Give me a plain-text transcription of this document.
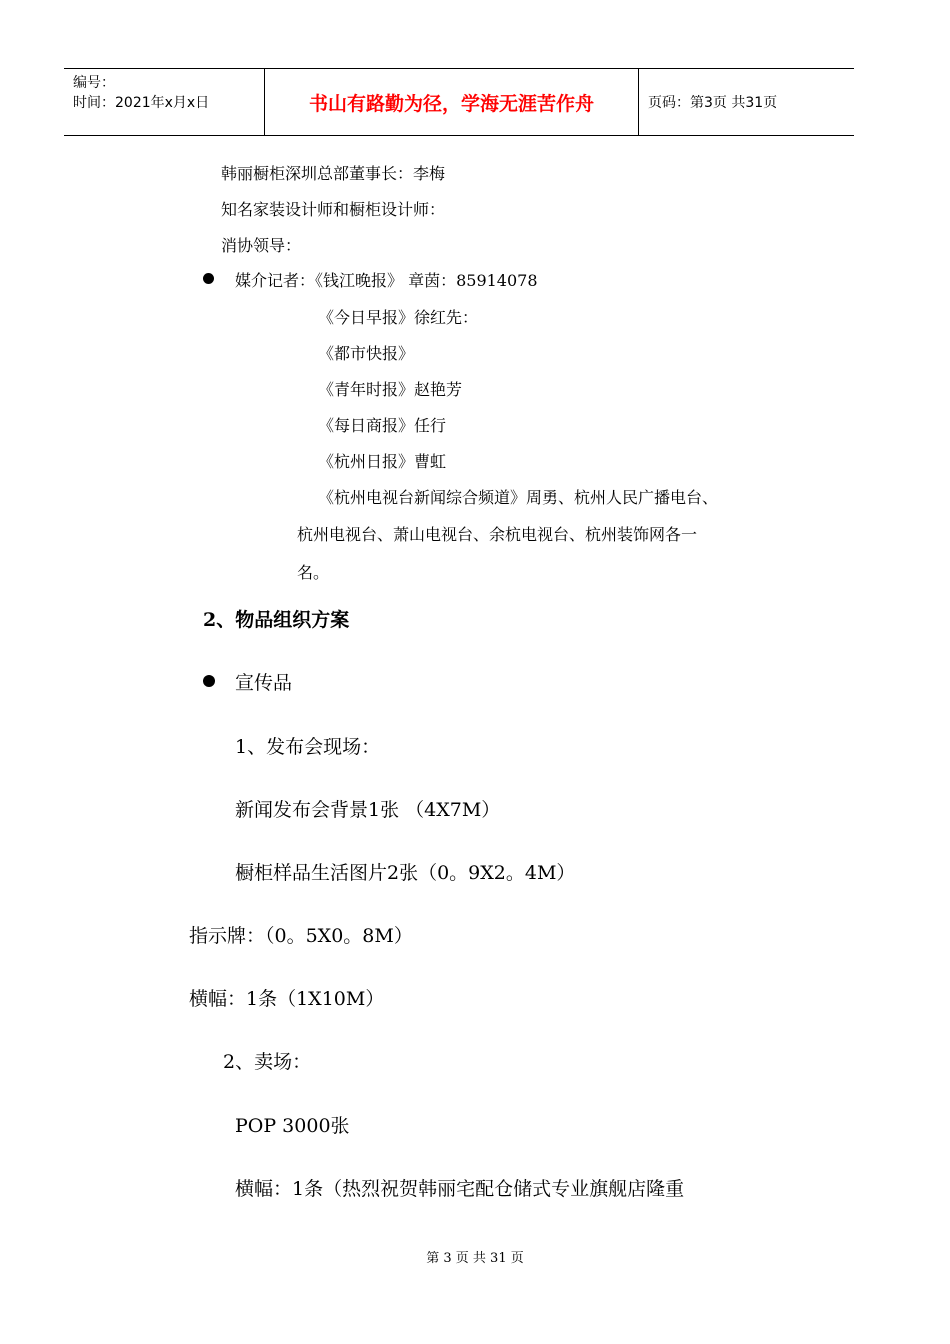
编号：
时间：2021年x月x日	书山有路勤为径，学海无涯苦作舟	页码：第3页 共31页
韩丽橱柜深圳总部董事长：李梅
知名家装设计师和橱柜设计师：
消协领导：
媒介记者：《钱江晚报》 章茵：85914078
《今日早报》徐红先：
《都市快报》
《青年时报》赵艳芳
《每日商报》任行
《杭州日报》曹虹
《杭州电视台新闻综合频道》周勇、杭州人民广播电台、
杭州电视台、萧山电视台、余杭电视台、杭州装饰网各一
名。
2、物品组织方案
宣传品
1、发布会现场：
新闻发布会背景1张 （4X7M）
橱柜样品生活图片2张（0。9X2。4M）
指示牌：（0。5X0。8M）
横幅：1条（1X10M）
2、卖场：
POP 3000张
横幅：1条（热烈祝贺韩丽宅配仓储式专业旗舰店隆重
第 3 页 共 31 页
